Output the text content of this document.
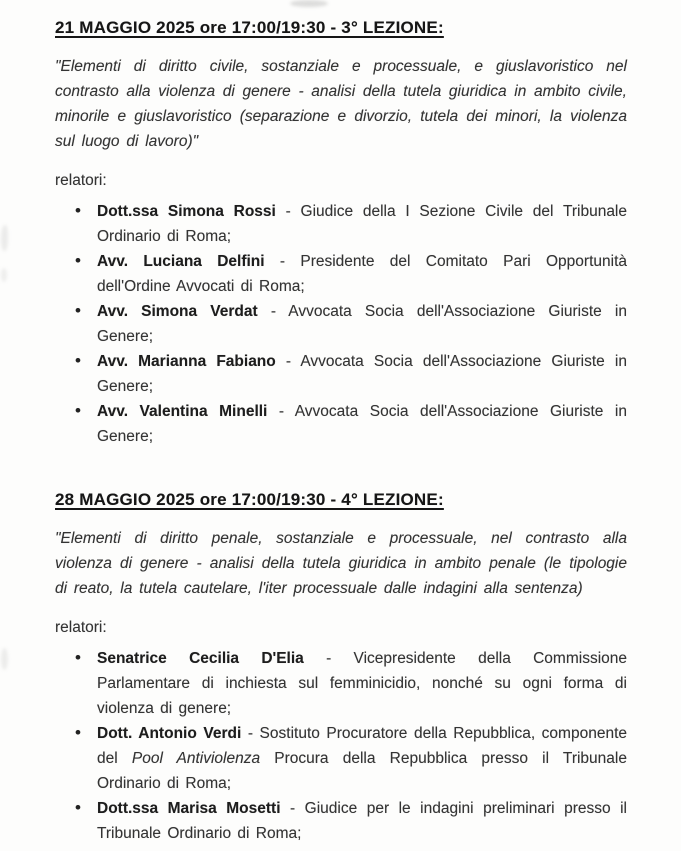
21 MAGGIO 2025 ore 17:00/19:30 - 3° LEZIONE:

"Elementi di diritto civile, sostanziale e processuale, e giuslavoristico nel contrasto alla violenza di genere - analisi della tutela giuridica in ambito civile, minorile e giuslavoristico (separazione e divorzio, tutela dei minori, la violenza sul luogo di lavoro)"

relatori:

• Dott.ssa Simona Rossi - Giudice della I Sezione Civile del Tribunale Ordinario di Roma;
• Avv. Luciana Delfini - Presidente del Comitato Pari Opportunità dell'Ordine Avvocati di Roma;
• Avv. Simona Verdat - Avvocata Socia dell'Associazione Giuriste in Genere;
• Avv. Marianna Fabiano - Avvocata Socia dell'Associazione Giuriste in Genere;
• Avv. Valentina Minelli - Avvocata Socia dell'Associazione Giuriste in Genere;
28 MAGGIO 2025 ore 17:00/19:30 - 4° LEZIONE:

"Elementi di diritto penale, sostanziale e processuale, nel contrasto alla violenza di genere - analisi della tutela giuridica in ambito penale (le tipologie di reato, la tutela cautelare, l'iter processuale dalle indagini alla sentenza)

relatori:

• Senatrice Cecilia D'Elia - Vicepresidente della Commissione Parlamentare di inchiesta sul femminicidio, nonché su ogni forma di violenza di genere;
• Dott. Antonio Verdi - Sostituto Procuratore della Repubblica, componente del Pool Antiviolenza Procura della Repubblica presso il Tribunale Ordinario di Roma;
• Dott.ssa Marisa Mosetti - Giudice per le indagini preliminari presso il Tribunale Ordinario di Roma;
